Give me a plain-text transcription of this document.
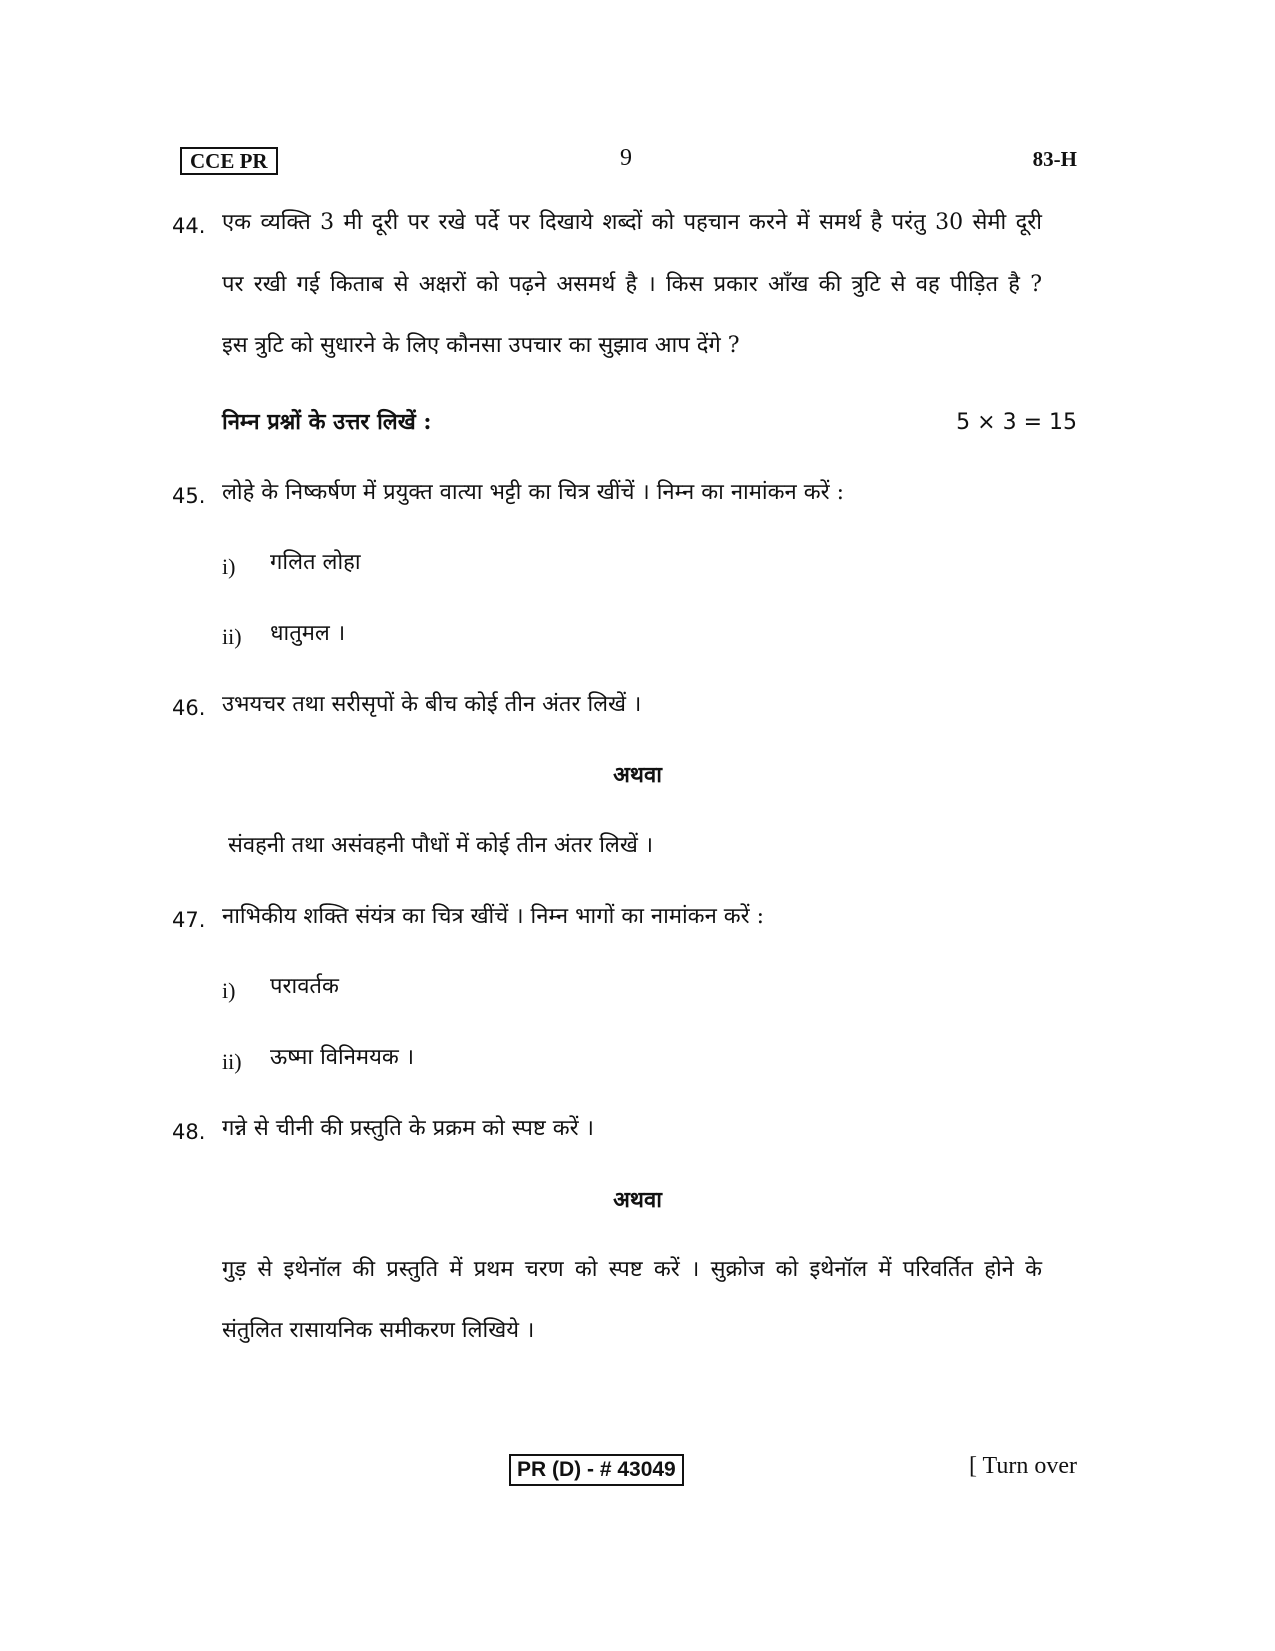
CCE PR	9	83-H
44. एक व्यक्ति 3 मी दूरी पर रखे पर्दे पर दिखाये शब्दों को पहचान करने में समर्थ है परंतु 30 सेमी दूरी
पर रखी गई किताब से अक्षरों को पढ़ने असमर्थ है । किस प्रकार आँख की त्रुटि से वह पीड़ित है ?
इस त्रुटि को सुधारने के लिए कौनसा उपचार का सुझाव आप देंगे ?
निम्न प्रश्नों के उत्तर लिखें :	5 × 3 = 15
45. लोहे के निष्कर्षण में प्रयुक्त वात्या भट्टी का चित्र खींचें । निम्न का नामांकन करें :
i) गलित लोहा
ii) धातुमल ।
46. उभयचर तथा सरीसृपों के बीच कोई तीन अंतर लिखें ।
अथवा
संवहनी तथा असंवहनी पौधों में कोई तीन अंतर लिखें ।
47. नाभिकीय शक्ति संयंत्र का चित्र खींचें । निम्न भागों का नामांकन करें :
i) परावर्तक
ii) ऊष्मा विनिमयक ।
48. गन्ने से चीनी की प्रस्तुति के प्रक्रम को स्पष्ट करें ।
अथवा
गुड़ से इथेनॉल की प्रस्तुति में प्रथम चरण को स्पष्ट करें । सुक्रोज को इथेनॉल में परिवर्तित होने के
संतुलित रासायनिक समीकरण लिखिये ।
PR (D) - # 43049	[ Turn over
